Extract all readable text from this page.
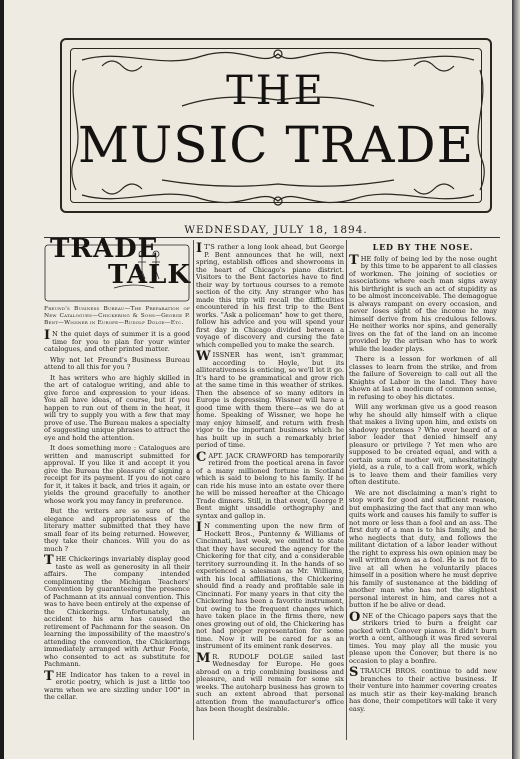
THE
MUSIC TRADE
WEDNESDAY, JULY 18, 1894.
TRADE
TALK
Freund's Business Bureau—The Preparation of New Catalogues—Chickering & Sons—George P. Bent—Wissner in Europe—Rudolf Dolge—Etc.

I N the quiet days of summer it is a good time for you to plan for your winter catalogues, and other printed matter.

Why not let Freund's Business Bureau attend to all this for you ?

It has writers who are highly skilled in the art of catalogue writing, and able to give force and expression to your ideas. You all have ideas, of course, but if you happen to run out of them in the heat, it will try to supply you with a few that may prove of use. The Bureau makes a specialty of suggesting unique phrases to attract the eye and hold the attention.

It does something more : Catalogues are written and manuscript submitted for approval. If you like it and accept it you give the Bureau the pleasure of signing a receipt for its payment. If you do not care for it, it takes it back, and tries it again, or yields the ground gracefully to another whose work you may fancy in preference.

But the writers are so sure of the elegance and appropriateness of the literary matter submitted that they have small fear of its being returned. However, they take their chances. Will you do as much ?

THE Chickerings invariably display good taste as well as generosity in all their affairs. The company intended complimenting the Michigan Teachers' Convention by guaranteeing the presence of Pachmann at its annual convention. This was to have been entirely at the expense of the Chickerings. Unfortunately, an accident to his arm has caused the retirement of Pachmann for the season. On learning the impossibility of the maestro's attending the convention, the Chickerings immediately arranged with Arthur Foote, who consented to act as substitute for Pachmann.

THE Indicator has taken to a revel in erotic poetry, which is just a little too warm when we are sizzling under 100° in the cellar.

I T'S rather a long look ahead, but George P. Bent announces that he will, next spring, establish offices and showrooms in the heart of Chicago's piano district. Visitors to the Bent factories have to find their way by tortuous courses to a remote section of the city. Any stranger who has made this trip will recall the difficulties encountered in his first trip to the Bent works. "Ask a policeman" how to get there, follow his advice and you will spend your first day in Chicago divided between a voyage of discovery and cursing the fate which compelled you to make the search.

WISSNER has went, isn't grammar, according to Hoyle, but its alliterativeness is enticing, so we'll let it go. It's hard to be grammatical and grow rich at the same time in this weather of strikes. Then the absence of so many editors in Europe is depressing. Wissner will have a good time with them there—as we do at home. Speaking of Wissner, we hope he may enjoy himself, and return with fresh vigor to the important business which he has built up in such a remarkably brief period of time.

CAPT. JACK CRAWFORD has temporarily retired from the poetical arena in favor of a many millioned fortune in Scotland which is said to belong to his family. If he can ride his muse into an estate over there he will be missed hereafter at the Chicago Trade dinners. Still, in that event, George P. Bent might unsaddle orthography and syntax and gallop in.

I N commenting upon the new firm of Hockett Bros., Puntenny & Williams of Cincinnati, last week, we omitted to state that they have secured the agency for the Chickering for that city, and a considerable territory surrounding it. In the hands of so experienced a salesman as Mr. Williams, with his local affiliations, the Chickering should find a ready and profitable sale in Cincinnati. For many years in that city the Chickering has been a favorite instrument, but owing to the frequent changes which have taken place in the firms there, new ones growing out of old, the Chickering has not had proper representation for some time. Now it will be cared for as an instrument of its eminent rank deserves.

M R. RUDOLF DOLGE sailed last Wednesday for Europe. He goes abroad on a trip combining business and pleasure, and will remain for some six weeks. The autoharp business has grown to such an extent abroad that personal attention from the manufacturer's office has been thought desirable.

LED BY THE NOSE.

THE folly of being led by the nose ought by this time to be apparent to all classes of workmen. The joining of societies or associations where each man signs away his birthright is such an act of stupidity as to be almost inconceivable. The demagogue is always rampant on every occasion, and never loses sight of the income he may himself derive from his credulous fellows. He neither works nor spins, and generally lives on the fat of the land on an income provided by the artisan who has to work while the leader plays.

There is a lesson for workmen of all classes to learn from the strike, and from the failure of Sovereign to call out all the Knights of Labor in the land. They have shown at last a modicum of common sense, in refusing to obey his dictates.

Will any workman give us a good reason why he should ally himself with a clique that makes a living upon him, and exists on shadowy pretenses ? Who ever heard of a labor leader that denied himself any pleasure or privilege ? Yet men who are supposed to be created equal, and with a certain sum of mother wit, unhesitatingly yield, as a rule, to a call from work, which is to leave them and their families very often destitute.

We are not disclaiming a man's right to stop work for good and sufficient reason, but emphasizing the fact that any man who quits work and causes his family to suffer is not more or less than a fool and an ass. The first duty of a man is to his family, and he who neglects that duty, and follows the militant dictation of a labor leader without the right to express his own opinion may be well written down as a fool. He is not fit to live at all when he voluntarily places himself in a position where he must deprive his family of sustenance at the bidding of another man who has not the slightest personal interest in him, and cares not a button if he be alive or dead.

ONE of the Chicago papers says that the strikers tried to burn a freight car packed with Conover pianos. It didn't burn worth a cent, although it was fired several times. You may play all the music you please upon the Conover, but there is no occasion to play a bonfire.

STRAUCH BROS. continue to add new branches to their active business. If their venture into hammer covering creates as much stir as their key-making branch has done, their competitors will take it very easy.
